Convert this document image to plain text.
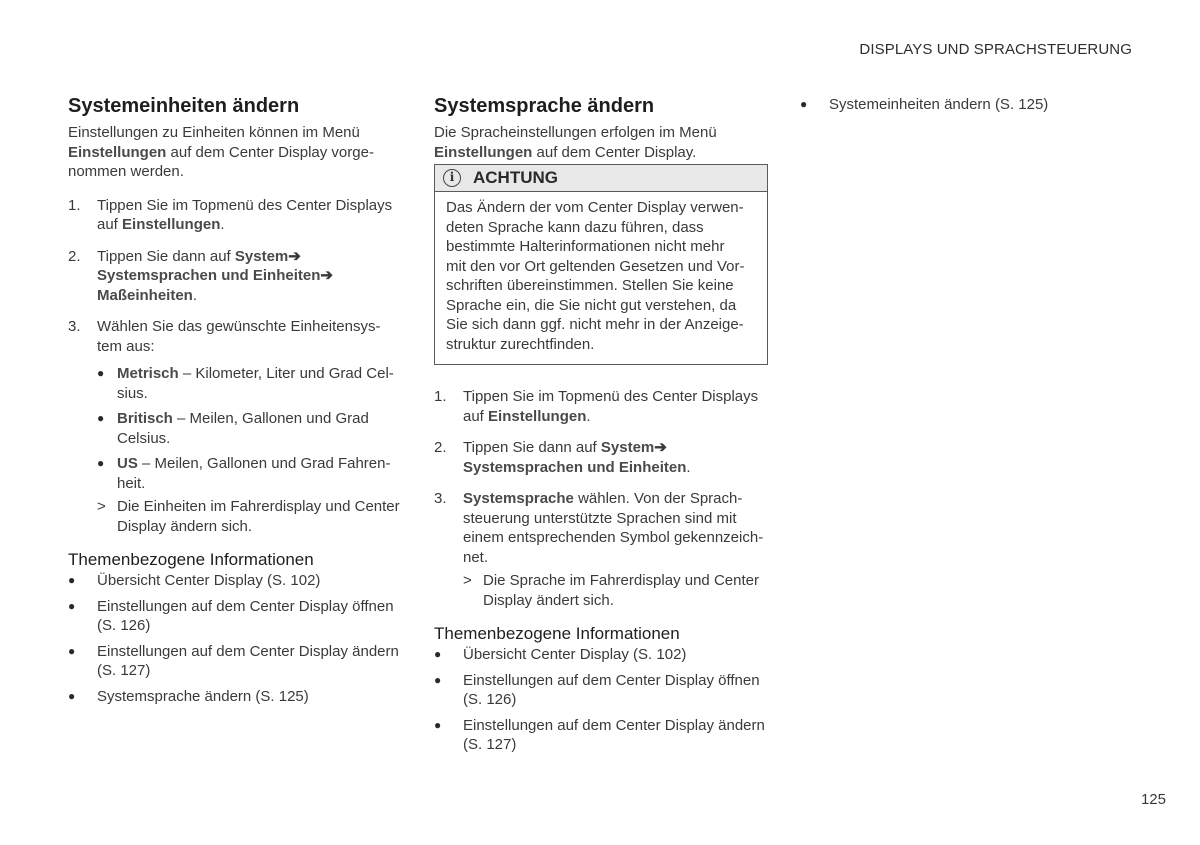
DISPLAYS UND SPRACHSTEUERUNG
Systemeinheiten ändern

Einstellungen zu Einheiten können im Menü
Einstellungen auf dem Center Display vorge-
nommen werden.

1. Tippen Sie im Topmenü des Center Displays
auf Einstellungen.
2. Tippen Sie dann auf System➔
Systemsprachen und Einheiten➔
Maßeinheiten.
3. Wählen Sie das gewünschte Einheitensys-
tem aus:
● Metrisch – Kilometer, Liter und Grad Cel-
sius.
● Britisch – Meilen, Gallonen und Grad
Celsius.
● US – Meilen, Gallonen und Grad Fahren-
heit.
> Die Einheiten im Fahrerdisplay und Center
Display ändern sich.
Themenbezogene Informationen
● Übersicht Center Display (S. 102)
● Einstellungen auf dem Center Display öffnen
(S. 126)
● Einstellungen auf dem Center Display ändern
(S. 127)
● Systemsprache ändern (S. 125)
Systemsprache ändern

Die Spracheinstellungen erfolgen im Menü
Einstellungen auf dem Center Display.

i	ACHTUNG
Das Ändern der vom Center Display verwen-
deten Sprache kann dazu führen, dass
bestimmte Halterinformationen nicht mehr
mit den vor Ort geltenden Gesetzen und Vor-
schriften übereinstimmen. Stellen Sie keine
Sprache ein, die Sie nicht gut verstehen, da
Sie sich dann ggf. nicht mehr in der Anzeige-
struktur zurechtfinden.
1. Tippen Sie im Topmenü des Center Displays
auf Einstellungen.
2. Tippen Sie dann auf System➔
Systemsprachen und Einheiten.
3. Systemsprache wählen. Von der Sprach-
steuerung unterstützte Sprachen sind mit
einem entsprechenden Symbol gekennzeich-
net.
> Die Sprache im Fahrerdisplay und Center
Display ändert sich.
Themenbezogene Informationen
● Übersicht Center Display (S. 102)
● Einstellungen auf dem Center Display öffnen
(S. 126)
● Einstellungen auf dem Center Display ändern
(S. 127)
● Systemeinheiten ändern (S. 125)
125
